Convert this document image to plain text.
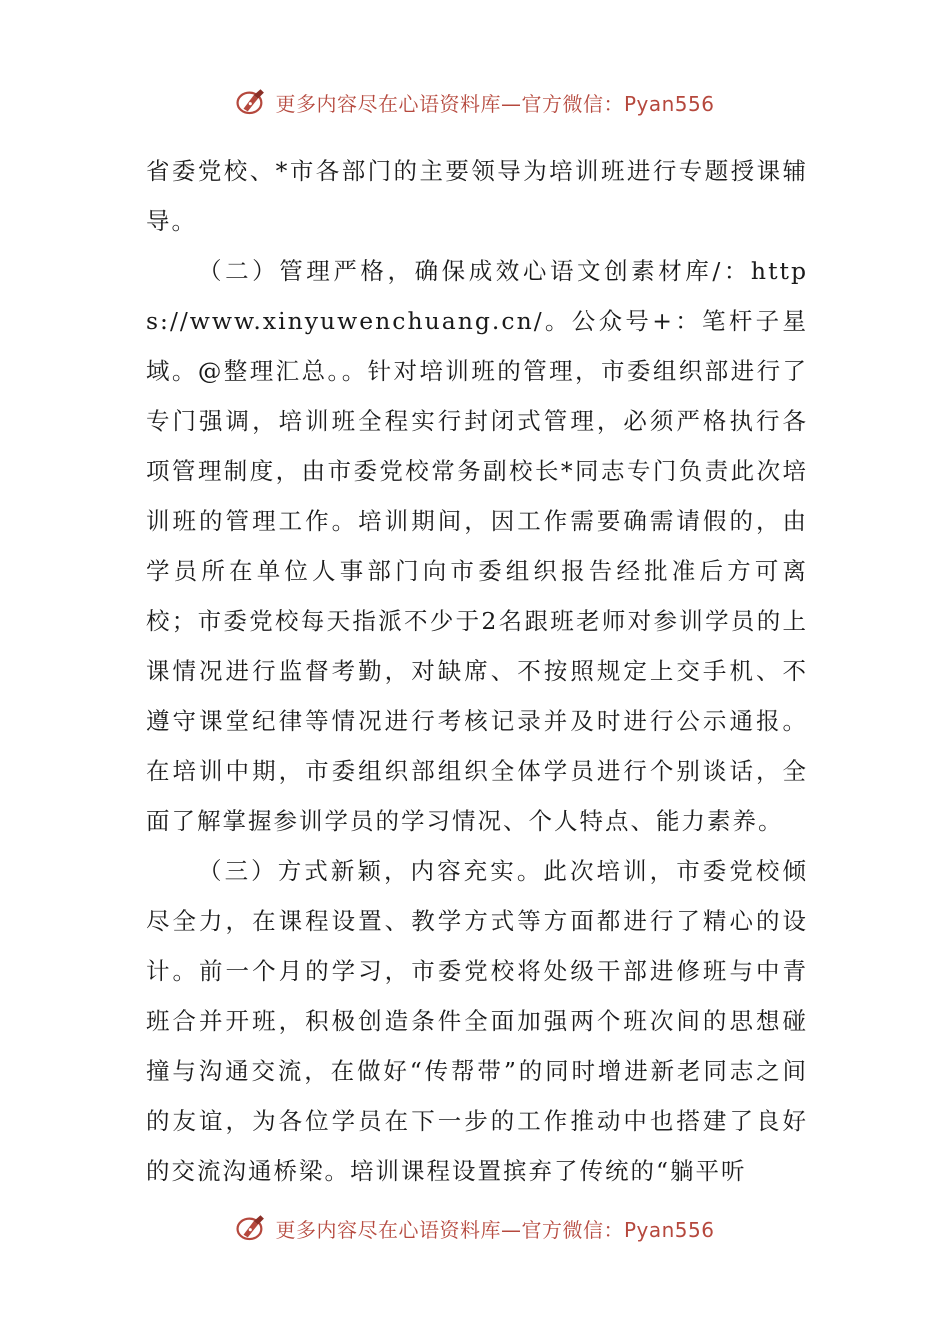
更多内容尽在心语资料库—官方微信：Pyan556

省委党校、*市各部门的主要领导为培训班进行专题授课辅导。

（二）管理严格，确保成效心语文创素材库/：https://www.xinyuwenchuang.cn/。公众号+：笔杆子星域。@整理汇总。。针对培训班的管理，市委组织部进行了专门强调，培训班全程实行封闭式管理，必须严格执行各项管理制度，由市委党校常务副校长*同志专门负责此次培训班的管理工作。培训期间，因工作需要确需请假的，由学员所在单位人事部门向市委组织报告经批准后方可离校；市委党校每天指派不少于2名跟班老师对参训学员的上课情况进行监督考勤，对缺席、不按照规定上交手机、不遵守课堂纪律等情况进行考核记录并及时进行公示通报。在培训中期，市委组织部组织全体学员进行个别谈话，全面了解掌握参训学员的学习情况、个人特点、能力素养。

（三）方式新颖，内容充实。此次培训，市委党校倾尽全力，在课程设置、教学方式等方面都进行了精心的设计。前一个月的学习，市委党校将处级干部进修班与中青班合并开班，积极创造条件全面加强两个班次间的思想碰撞与沟通交流，在做好“传帮带”的同时增进新老同志之间的友谊，为各位学员在下一步的工作推动中也搭建了良好的交流沟通桥梁。培训课程设置摈弃了传统的“躺平听

更多内容尽在心语资料库—官方微信：Pyan556
